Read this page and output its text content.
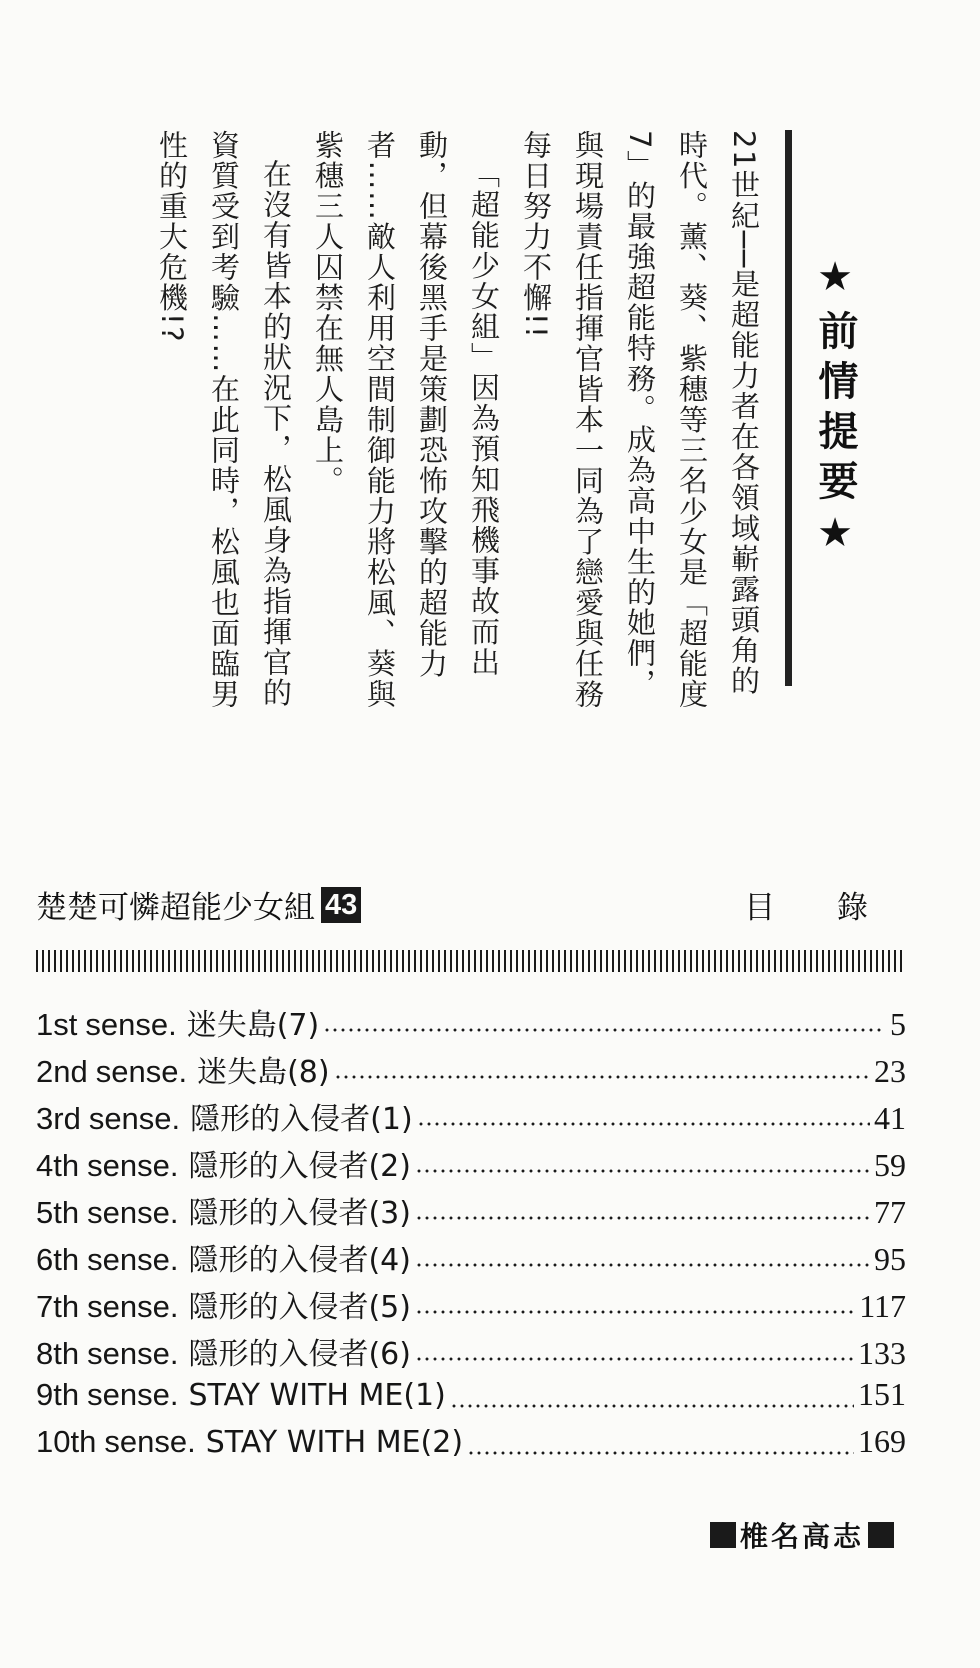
★前情提要★

21世紀──是超能力者在各領域嶄露頭角的時代。薰、葵、紫穗等三名少女是「超能度7」的最強超能特務。成為高中生的她們，與現場責任指揮官皆本一同為了戀愛與任務每日努力不懈!!

「超能少女組」因為預知飛機事故而出動，但幕後黑手是策劃恐怖攻擊的超能力者……敵人利用空間制御能力將松風、葵與紫穗三人囚禁在無人島上。

在沒有皆本的狀況下，松風身為指揮官的資質受到考驗……在此同時，松風也面臨男性的重大危機!?

楚楚可憐超能少女組 43	目 錄
1st sense. 迷失島(7)	5
2nd sense. 迷失島(8)	23
3rd sense. 隱形的入侵者(1)	41
4th sense. 隱形的入侵者(2)	59
5th sense. 隱形的入侵者(3)	77
6th sense. 隱形的入侵者(4)	95
7th sense. 隱形的入侵者(5)	117
8th sense. 隱形的入侵者(6)	133
9th sense. STAY WITH ME(1)	151
10th sense. STAY WITH ME(2)	169
椎名高志
